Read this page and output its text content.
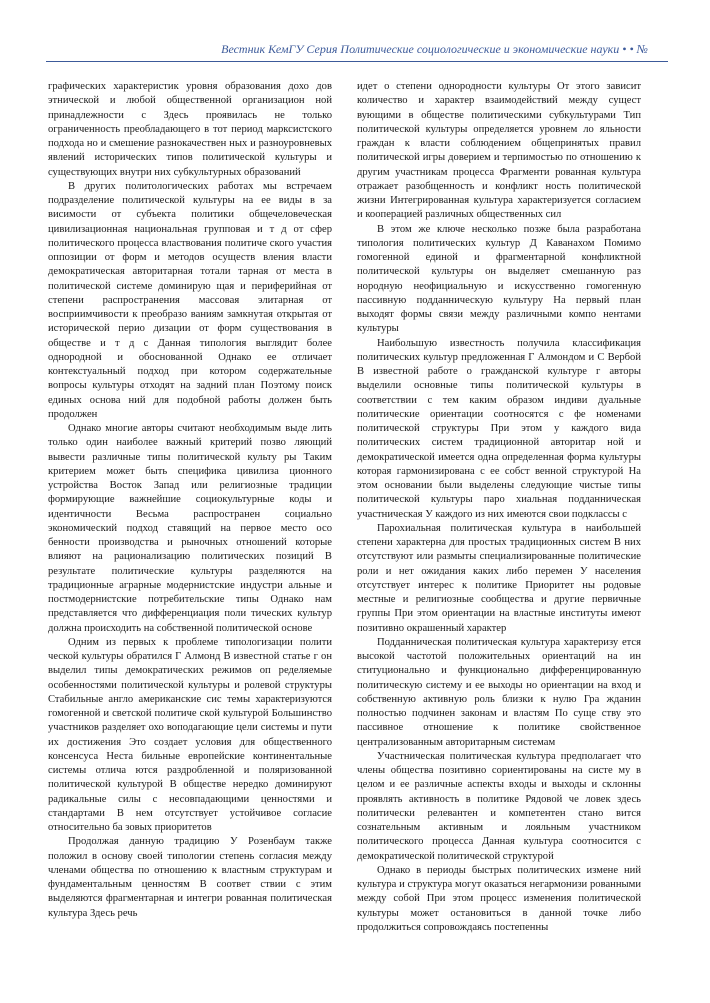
Вестник КемГУ Серия Политические социологические и экономические науки • • №

графических характеристик уровня образования дохо дов этнической и любой общественной организацион ной принадлежности с Здесь проявилась не только ограниченность преобладающего в тот период марксистского подхода но и смешение разнокачествен ных и разноуровневых явлений исторических типов политической культуры и существующих внутри них субкультурных образований

В других политологических работах мы встречаем подразделение политической культуры на ее виды в за висимости от субъекта политики общечеловеческая цивилизационная национальная групповая и т д от сфер политического процесса властвования политиче ского участия оппозиции от форм и методов осуществ вления власти демократическая авторитарная тотали тарная от места в политической системе доминирую щая и периферийная от степени распространения массовая элитарная от восприимчивости к преобразо ваниям замкнутая открытая от исторической перио дизации от форм существования в обществе и т д с Данная типология выглядит более однородной и обоснованной Однако ее отличает контекстуальный подход при котором содержательные вопросы культуры отходят на задний план Поэтому поиск единых основа ний для подобной работы должен быть продолжен

Однако многие авторы считают необходимым выде лить только один наиболее важный критерий позво ляющий вывести различные типы политической культу ры Таким критерием может быть специфика цивилиза ционного устройства Восток Запад или религиозные традиции формирующие важнейшие социокультурные коды и идентичности Весьма распространен социально экономический подход ставящий на первое место осо бенности производства и рыночных отношений которые влияют на рационализацию политических позиций В результате политические культуры разделяются на традиционные аграрные модернистские индустри альные и постмодернистские потребительские типы Однако нам представляется что дифференциация поли тических культур должна происходить на собственной политической основе

Одним из первых к проблеме типологизации полити ческой культуры обратился Г Алмонд В известной статье г он выделил типы демократических режимов оп ределяемые особенностями политической культуры и ролевой структуры Стабильные англо американские сис темы характеризуются гомогенной и светской политиче ской культурой Большинство участников разделяет охо воподагающие цели системы и пути их достижения Это создает условия для общественного консенсуса Неста бильные европейские континентальные системы отлича ются раздробленной и поляризованной политической культурой В обществе нередко доминируют радикальные силы с несовпадающими ценностями и стандартами В нем отсутствует устойчивое согласие относительно ба зовых приоритетов

Продолжая данную традицию У Розенбаум также положил в основу своей типологии степень согласия между членами общества по отношению к властным структурам и фундаментальным ценностям В соответ ствии с этим выделяются фрагментарная и интегри рованная политическая культура Здесь речь

идет о степени однородности культуры От этого зависит количество и характер взаимодействий между сущест вующими в обществе политическими субкультурами Тип политической культуры определяется уровнем ло яльности граждан к власти соблюдением общепринятых правил политической игры доверием и терпимостью по отношению к другим участникам процесса Фрагменти рованная культура отражает разобщенность и конфликт ность политической жизни Интегрированная культура характеризуется согласием и кооперацией различных общественных сил

В этом же ключе несколько позже была разработана типология политических культур Д Каванахом Помимо гомогенной единой и фрагментарной конфликтной политической культуры он выделяет смешанную раз нородную неофициальную и искусственно гомогенную пассивную подданническую культуру На первый план выходят формы связи между различными компо нентами культуры

Наибольшую известность получила классификация политических культур предложенная Г Алмондом и С Вербой В известной работе о гражданской культуре г авторы выделили основные типы политической культуры в соответствии с тем каким образом индиви дуальные политические ориентации соотносятся с фе номенами политической структуры При этом у каждого вида политических систем традиционной авторитар ной и демократической имеется одна определенная форма культуры которая гармонизирована с ее собст венной структурой На этом основании были выделены следующие чистые типы политической культуры паро хиальная подданническая участническая У каждого из них имеются свои подклассы с

Парохиальная политическая культура в наибольшей степени характерна для простых традиционных систем В них отсутствуют или размыты специализированные политические роли и нет ожидания каких либо перемен У населения отсутствует интерес к политике Приоритет ны родовые местные и религиозные сообщества и другие первичные группы При этом ориентации на властные институты имеют позитивно окрашенный характер

Подданническая политическая культура характеризу ется высокой частотой положительных ориентаций на ин ституционально и функционально дифференцированную политическую систему и ее выходы но ориентации на вход и собственную активную роль близки к нулю Гра жданин полностью подчинен законам и властям По суще ству это пассивное отношение к политике свойственное централизованным авторитарным системам

Участническая политическая культура предполагает что члены общества позитивно сориентированы на систе му в целом и ее различные аспекты входы и выходы и склонны проявлять активность в политике Рядовой че ловек здесь политически релевантен и компетентен стано вится сознательным активным и лояльным участником политического процесса Данная культура соотносится с демократической политической структурой

Однако в периоды быстрых политических измене ний культура и структура могут оказаться негармонизи рованными между собой При этом процесс изменения политической культуры может остановиться в данной точке либо продолжиться сопровождаясь постепенны
